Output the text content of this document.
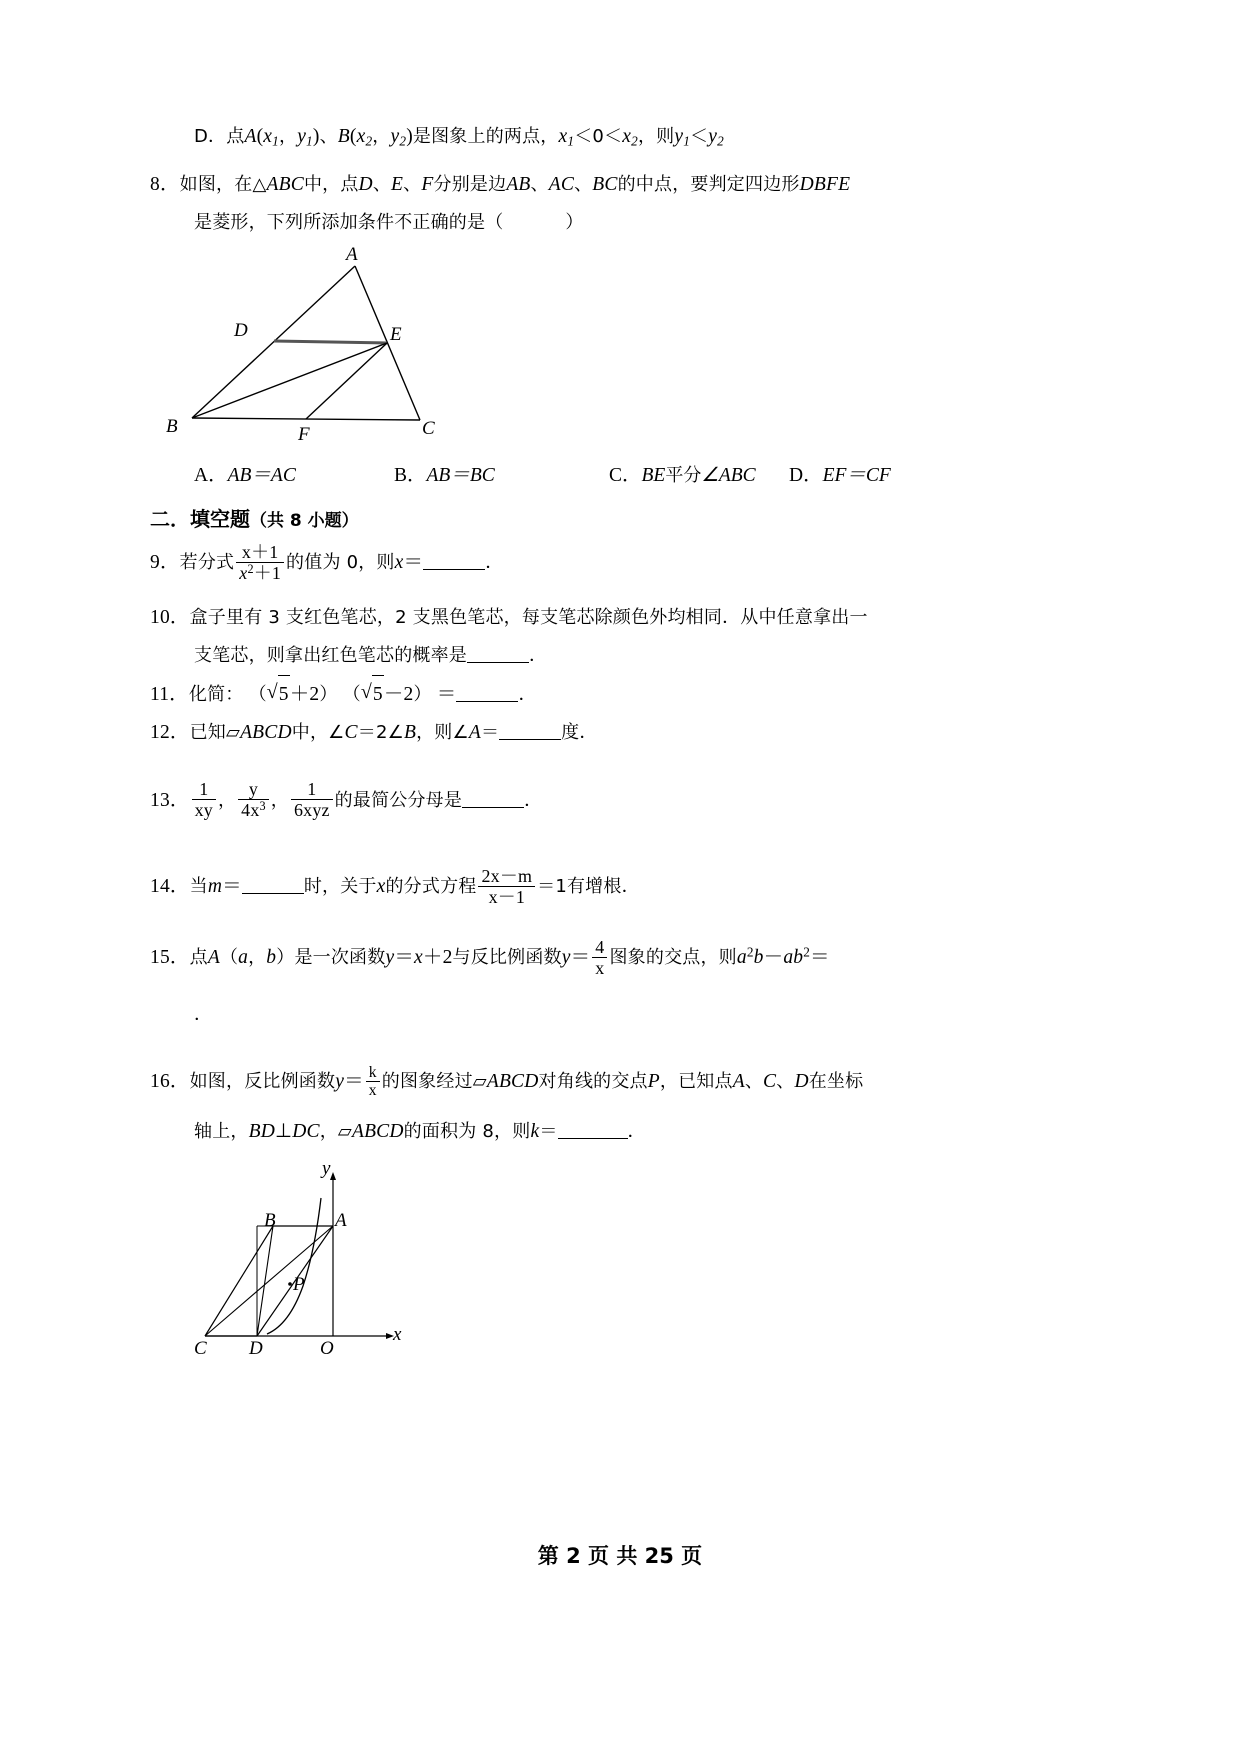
D．点$A(x_1$，$y_1$)、$B(x_2$，$y_2$)是图象上的两点，$x_1<0<x_2$，则$y_1<y_2$
8．如图，在△ABC中，点D、E、F分别是边AB、AC、BC的中点，要判定四边形DBFE
是菱形，下列所添加条件不正确的是（	）
A
D	E
B	F	C
A．AB＝AC	B．AB＝BC	C．BE平分∠ABC	D．EF＝CF
二．填空题（共 8 小题）
9．若分式 $\frac{x+1}{x^2+1}$ 的值为 0，则x＝	．
10．盒子里有 3 支红色笔芯，2 支黑色笔芯，每支笔芯除颜色外均相同．从中任意拿出一
支笔芯，则拿出红色笔芯的概率是	．
11．化简： （ √ 5＋2） （ √ 5－2） ＝	．
12．已知▱ABCD中，∠C＝2∠B，则∠A＝	度．
13． $\frac{1}{xy}$ ， $\frac{y}{4x^3}$ ， $\frac{1}{\text{6xyz}}$ 的最简公分母是	．
14．当m＝	时，关于x的分式方程 $\frac{2x-m}{x-1} =1$有增根．
15．点A（a，b）是一次函数y＝x＋2与反比例函数$y= \frac{4}{x}$ 图象的交点，则$a^2b-ab^2=$
．
16．如图，反比例函数$y= \frac{k}{x}$ 的图象经过▱ABCD对角线的交点P，已知点A、C、D在坐标
轴上，BD⊥DC，▱ABCD的面积为 8，则k＝	．
y
x
B	A
P
C D	O
第 2 页 共 25 页
